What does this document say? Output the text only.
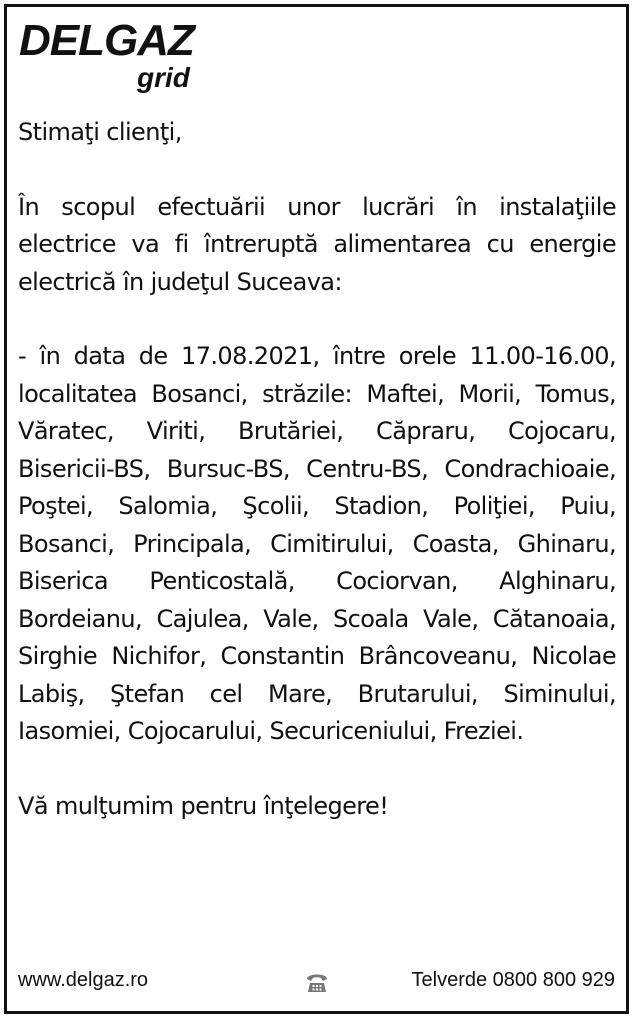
DELGAZ
grid

Stimaţi clienţi,

În scopul efectuării unor lucrări în instalaţiile electrice va fi întreruptă alimentarea cu energie electrică în judeţul Suceava:

- în data de 17.08.2021, între orele 11.00-16.00, localitatea Bosanci, străzile: Maftei, Morii, Tomus, Văratec, Viriti, Brutăriei, Căpraru, Cojocaru, Bisericii-BS, Bursuc-BS, Centru-BS, Condrachioaie, Poştei, Salomia, Şcolii, Stadion, Poliţiei, Puiu, Bosanci, Principala, Cimitirului, Coasta, Ghinaru, Biserica Penticostală, Cociorvan, Alghinaru, Bordeianu, Cajulea, Vale, Scoala Vale, Cătanoaia, Sirghie Nichifor, Constantin Brâncoveanu, Nicolae Labiş, Ştefan cel Mare, Brutarului, Siminului, Iasomiei, Cojocarului, Securiceniului, Freziei.

Vă mulţumim pentru înţelegere!

www.delgaz.ro	Telverde 0800 800 929
